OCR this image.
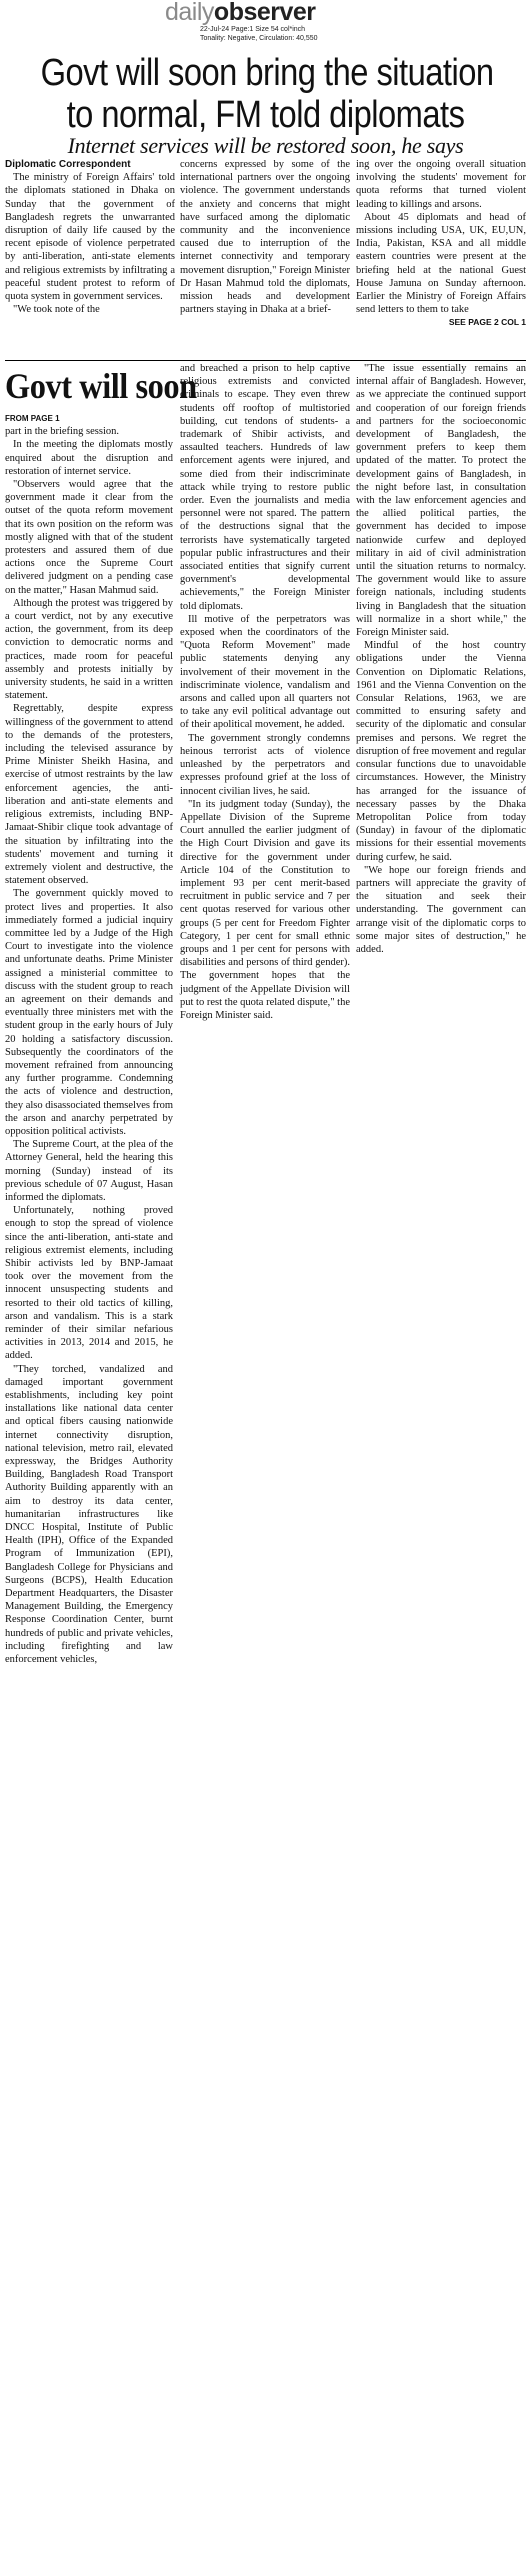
dailyobserver
22-Jul-24 Page:1 Size 54 col*inch
Tonality: Negative, Circulation: 40,550
Govt will soon bring the situation
to normal, FM told diplomats
Internet services will be restored soon, he says

Diplomatic Correspondent

The ministry of Foreign Affairs' told the diplomats stationed in Dhaka on Sunday that the government of Bangladesh regrets the unwarranted disruption of daily life caused by the recent episode of violence perpetrated by anti-liberation, anti-state elements and religious extremists by infiltrating a peaceful student protest to reform of quota system in government services.

"We took note of the

concerns expressed by some of the international partners over the ongoing violence. The government understands the anxiety and concerns that might have surfaced among the diplomatic community and the inconvenience caused due to interruption of the internet connectivity and temporary movement disruption," Foreign Minister Dr Hasan Mahmud told the diplomats, mission heads and development partners staying in Dhaka at a brief-

ing over the ongoing overall situation involving the students' movement for quota reforms that turned violent leading to killings and arsons.

About 45 diplomats and head of missions including USA, UK, EU,UN, India, Pakistan, KSA and all middle eastern countries were present at the briefing held at the national Guest House Jamuna on Sunday afternoon. Earlier the Ministry of Foreign Affairs send letters to them to take

SEE PAGE 2 COL 1

Govt will soon

FROM PAGE 1

part in the briefing session.

In the meeting the diplomats mostly enquired about the disruption and restoration of internet service.

"Observers would agree that the government made it clear from the outset of the quota reform movement that its own position on the reform was mostly aligned with that of the student protesters and assured them of due actions once the Supreme Court delivered judgment on a pending case on the matter," Hasan Mahmud said.

Although the protest was triggered by a court verdict, not by any executive action, the government, from its deep conviction to democratic norms and practices, made room for peaceful assembly and protests initially by university students, he said in a written statement.

Regrettably, despite express willingness of the government to attend to the demands of the protesters, including the televised assurance by Prime Minister Sheikh Hasina, and exercise of utmost restraints by the law enforcement agencies, the anti-liberation and anti-state elements and religious extremists, including BNP-Jamaat-Shibir clique took advantage of the situation by infiltrating into the students' movement and turning it extremely violent and destructive, the statement observed.

The government quickly moved to protect lives and properties. It also immediately formed a judicial inquiry committee led by a Judge of the High Court to investigate into the violence and unfortunate deaths. Prime Minister assigned a ministerial committee to discuss with the student group to reach an agreement on their demands and eventually three ministers met with the student group in the early hours of July 20 holding a satisfactory discussion. Subsequently the coordinators of the movement refrained from announcing any further programme. Condemning the acts of violence and destruction, they also disassociated themselves from the arson and anarchy perpetrated by opposition political activists.

The Supreme Court, at the plea of the Attorney General, held the hearing this morning (Sunday) instead of its previous schedule of 07 August, Hasan informed the diplomats.

Unfortunately, nothing proved enough to stop the spread of violence since the anti-liberation, anti-state and religious extremist elements, including Shibir activists led by BNP-Jamaat took over the movement from the innocent unsuspecting students and resorted to their old tactics of killing, arson and vandalism. This is a stark reminder of their similar nefarious activities in 2013, 2014 and 2015, he added.

"They torched, vandalized and damaged important government establishments, including key point installations like national data center and optical fibers causing nationwide internet connectivity disruption, national television, metro rail, elevated expressway, the Bridges Authority Building, Bangladesh Road Transport Authority Building apparently with an aim to destroy its data center, humanitarian infrastructures like DNCC Hospital, Institute of Public Health (IPH), Office of the Expanded Program of Immunization (EPI), Bangladesh College for Physicians and Surgeons (BCPS), Health Education Department Headquarters, the Disaster Management Building, the Emergency Response Coordination Center, burnt hundreds of public and private vehicles, including firefighting and law enforcement vehicles,

and breached a prison to help captive religious extremists and convicted criminals to escape. They even threw students off rooftop of multistoried building, cut tendons of students- a trademark of Shibir activists, and assaulted teachers. Hundreds of law enforcement agents were injured, and some died from their indiscriminate attack while trying to restore public order. Even the journalists and media personnel were not spared. The pattern of the destructions signal that the terrorists have systematically targeted popular public infrastructures and their associated entities that signify current government's developmental achievements," the Foreign Minister told diplomats.

Ill motive of the perpetrators was exposed when the coordinators of the "Quota Reform Movement" made public statements denying any involvement of their movement in the indiscriminate violence, vandalism and arsons and called upon all quarters not to take any evil political advantage out of their apolitical movement, he added.

The government strongly condemns heinous terrorist acts of violence unleashed by the perpetrators and expresses profound grief at the loss of innocent civilian lives, he said.

"In its judgment today (Sunday), the Appellate Division of the Supreme Court annulled the earlier judgment of the High Court Division and gave its directive for the government under Article 104 of the Constitution to implement 93 per cent merit-based recruitment in public service and 7 per cent quotas reserved for various other groups (5 per cent for Freedom Fighter Category, 1 per cent for small ethnic groups and 1 per cent for persons with disabilities and persons of third gender). The government hopes that the judgment of the Appellate Division will put to rest the quota related dispute," the Foreign Minister said.

"The issue essentially remains an internal affair of Bangladesh. However, as we appreciate the continued support and cooperation of our foreign friends and partners for the socioeconomic development of Bangladesh, the government prefers to keep them updated of the matter. To protect the development gains of Bangladesh, in the night before last, in consultation with the law enforcement agencies and the allied political parties, the government has decided to impose nationwide curfew and deployed military in aid of civil administration until the situation returns to normalcy. The government would like to assure foreign nationals, including students living in Bangladesh that the situation will normalize in a short while," the Foreign Minister said.

Mindful of the host country obligations under the Vienna Convention on Diplomatic Relations, 1961 and the Vienna Convention on the Consular Relations, 1963, we are committed to ensuring safety and security of the diplomatic and consular premises and persons. We regret the disruption of free movement and regular consular functions due to unavoidable circumstances. However, the Ministry has arranged for the issuance of necessary passes by the Dhaka Metropolitan Police from today (Sunday) in favour of the diplomatic missions for their essential movements during curfew, he said.

"We hope our foreign friends and partners will appreciate the gravity of the situation and seek their understanding. The government can arrange visit of the diplomatic corps to some major sites of destruction," he added.
